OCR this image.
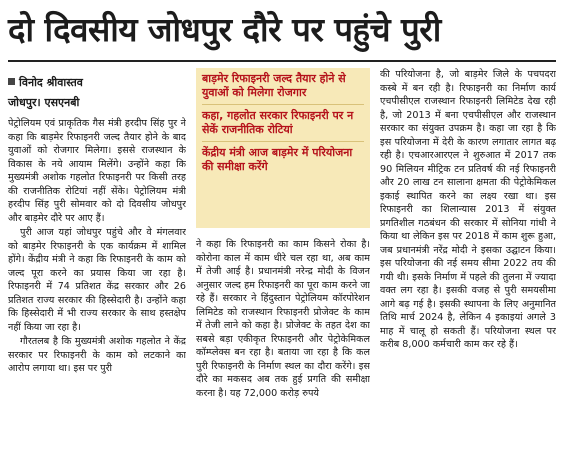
दो दिवसीय जोधपुर दौरे पर पहुंचे पुरी
विनोद श्रीवास्तव
जोधपुर। एसएनबी

पेट्रोलियम एवं प्राकृतिक गैस मंत्री हरदीप सिंह पुर ने कहा कि बाड़मेर रिफाइनरी जल्द तैयार होने के बाद युवाओं को रोजगार मिलेगा। इससे राजस्थान के विकास के नये आयाम मिलेंगे। उन्होंने कहा कि मुख्यमंत्री अशोक गहलोत रिफाइनरी पर किसी तरह की राजनीतिक रोटियां नहीं सेंके। पेट्रोलियम मंत्री हरदीप सिंह पुरी सोमवार को दो दिवसीय जोधपुर और बाड़मेर दौरे पर आए हैं।

पुरी आज यहां जोधपुर पहुंचे और वे मंगलवार को बाड़मेर रिफाइनरी के एक कार्यक्रम में शामिल होंगे। केंद्रीय मंत्री ने कहा कि रिफाइनरी के काम को जल्द पूरा करने का प्रयास किया जा रहा है। रिफाइनरी में 74 प्रतिशत केंद्र सरकार और 26 प्रतिशत राज्य सरकार की हिस्सेदारी है। उन्होंने कहा कि हिस्सेदारी में भी राज्य सरकार के साथ हस्तक्षेप नहीं किया जा रहा है।

गौरतलब है कि मुख्यमंत्री अशोक गहलोत ने केंद्र सरकार पर रिफाइनरी के काम को लटकाने का आरोप लगाया था। इस पर पुरी

बाड़मेर रिफाइनरी जल्द तैयार होने से युवाओं को मिलेगा रोजगार
कहा, गहलोत सरकार रिफाइनरी पर न सेकें राजनीतिक रोटियां
केंद्रीय मंत्री आज बाड़मेर में परियोजना की समीक्षा करेंगे

ने कहा कि रिफाइनरी का काम किसने रोका है। कोरोना काल में काम धीरे चल रहा था, अब काम में तेजी आई है। प्रधानमंत्री नरेन्द्र मोदी के विजन अनुसार जल्द हम रिफाइनरी का पूरा काम करने जा रहे हैं। सरकार ने हिंदुस्तान पेट्रोलियम कॉरपोरेशन लिमिटेड को राजस्थान रिफाइनरी प्रोजेक्ट के काम में तेजी लाने को कहा है। प्रोजेक्ट के तहत देश का सबसे बड़ा एकीकृत रिफाइनरी और पेट्रोकेमिकल कॉम्प्लेक्स बन रहा है। बताया जा रहा है कि कल पुरी रिफाइनरी के निर्माण स्थल का दौरा करेंगे। इस दौरे का मकसद अब तक हुई प्रगति की समीक्षा करना है। यह 72,000 करोड़ रुपये

की परियोजना है, जो बाड़मेर जिले के पचपदरा कस्बे में बन रही है। रिफाइनरी का निर्माण कार्य एचपीसीएल राजस्थान रिफाइनरी लिमिटेड देख रही है, जो 2013 में बना एचपीसीएल और राजस्थान सरकार का संयुक्त उपक्रम है। कहा जा रहा है कि इस परियोजना में देरी के कारण लगातार लागत बढ़ रही है। एचआरआरएल ने शुरुआत में 2017 तक 90 मिलियन मीट्रिक टन प्रतिवर्ष की नई रिफाइनरी और 20 लाख टन सालाना क्षमता की पेट्रोकेमिकल इकाई स्थापित करने का लक्ष्य रखा था। इस रिफाइनरी का शिलान्यास 2013 में संयुक्त प्रगतिशील गठबंधन की सरकार में सोनिया गांधी ने किया था लेकिन इस पर 2018 में काम शुरू हुआ, जब प्रधानमंत्री नरेंद्र मोदी ने इसका उद्घाटन किया। इस परियोजना की नई समय सीमा 2022 तय की गयी थी। इसके निर्माण में पहले की तुलना में ज्यादा वक्त लग रहा है। इसकी वजह से पुरी समयसीमा आगे बढ़ गई है। इसकी स्थापना के लिए अनुमानित तिथि मार्च 2024 है, लेकिन 4 इकाइयां अगले 3 माह में चालू हो सकती हैं। परियोजना स्थल पर करीब 8,000 कर्मचारी काम कर रहे हैं।
